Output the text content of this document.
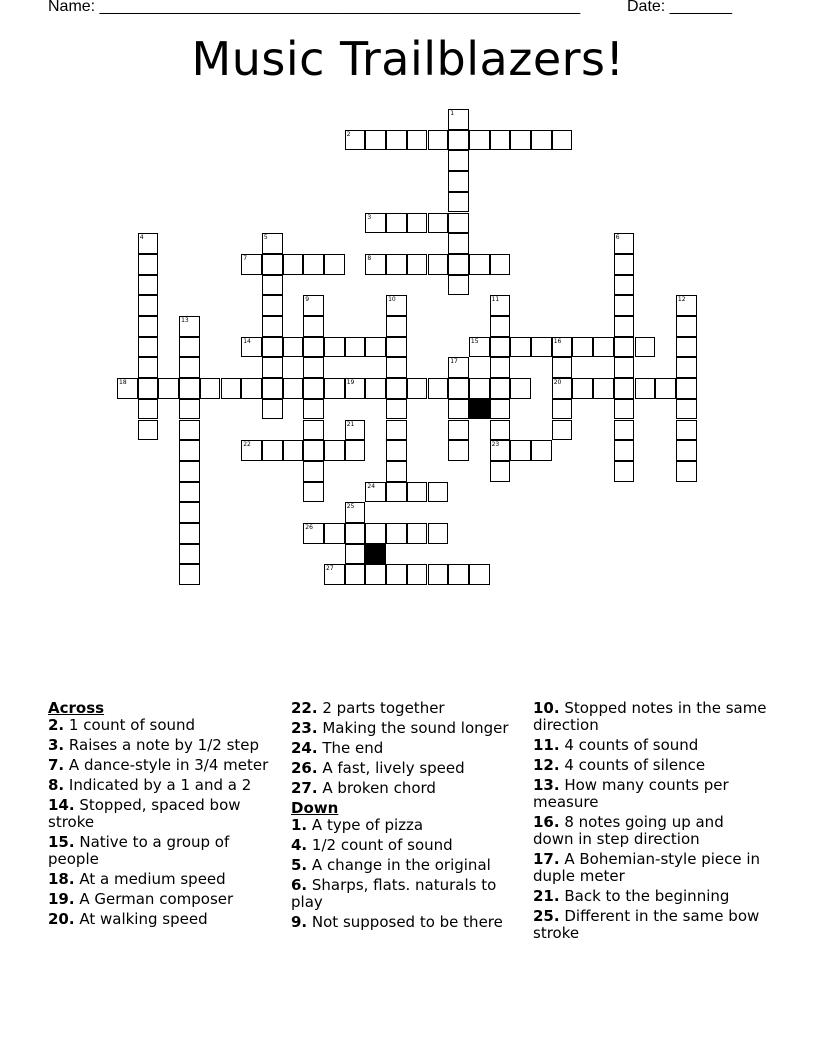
Name: ______________________________________________________	Date: _______
Music Trailblazers!
1
2
3
4	5	6
7	8
9	10	11	12
13
14	15	16
17
18	19	20
21
22	23
24
25
26
27
Across
2. 1 count of sound
3. Raises a note by 1/2 step
7. A dance-style in 3/4 meter
8. Indicated by a 1 and a 2
14. Stopped, spaced bow stroke
15. Native to a group of people
18. At a medium speed
19. A German composer
20. At walking speed
22. 2 parts together
23. Making the sound longer
24. The end
26. A fast, lively speed
27. A broken chord
Down
1. A type of pizza
4. 1/2 count of sound
5. A change in the original
6. Sharps, flats. naturals to play
9. Not supposed to be there
10. Stopped notes in the same direction
11. 4 counts of sound
12. 4 counts of silence
13. How many counts per measure
16. 8 notes going up and down in step direction
17. A Bohemian-style piece in duple meter
21. Back to the beginning
25. Different in the same bow stroke
